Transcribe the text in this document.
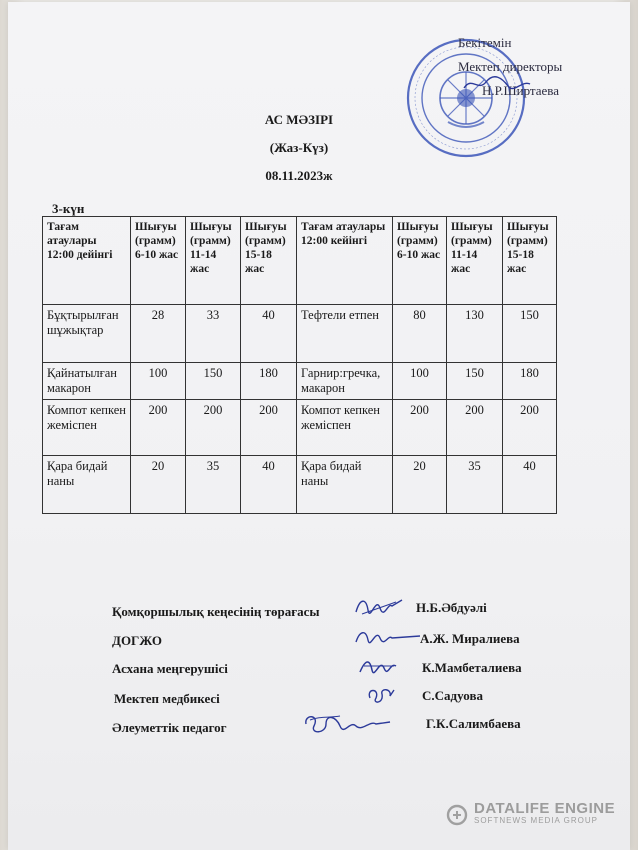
Бекітемін
Мектеп директоры
Н.Р.Ширтаева
АС МӘЗІРІ
(Жаз-Күз)
08.11.2023ж
3-күн
Тағам атаулары 12:00 дейінгі	Шығуы (грамм) 6-10 жас	Шығуы (грамм) 11-14 жас	Шығуы (грамм) 15-18 жас	Тағам атаулары 12:00 кейінгі	Шығуы (грамм) 6-10 жас	Шығуы (грамм) 11-14 жас	Шығуы (грамм) 15-18 жас
Бұқтырылған шұжықтар	28	33	40	Тефтели етпен	80	130	150
Қайнатылған макарон	100	150	180	Гарнир:гречка, макарон	100	150	180
Компот кепкен жеміспен	200	200	200	Компот кепкен жеміспен	200	200	200
Қара бидай наны	20	35	40	Қара бидай наны	20	35	40
Қомқоршылық кеңесінің төрағасы	Н.Б.Әбдуәлі
ДОГЖО	А.Ж. Миралиева
Асхана меңгерушісі	К.Мамбеталиева
Мектеп медбикесі	С.Садуова
Әлеуметтік педагог	Г.К.Салимбаева
DATALIFE ENGINE
SOFTNEWS MEDIA GROUP
